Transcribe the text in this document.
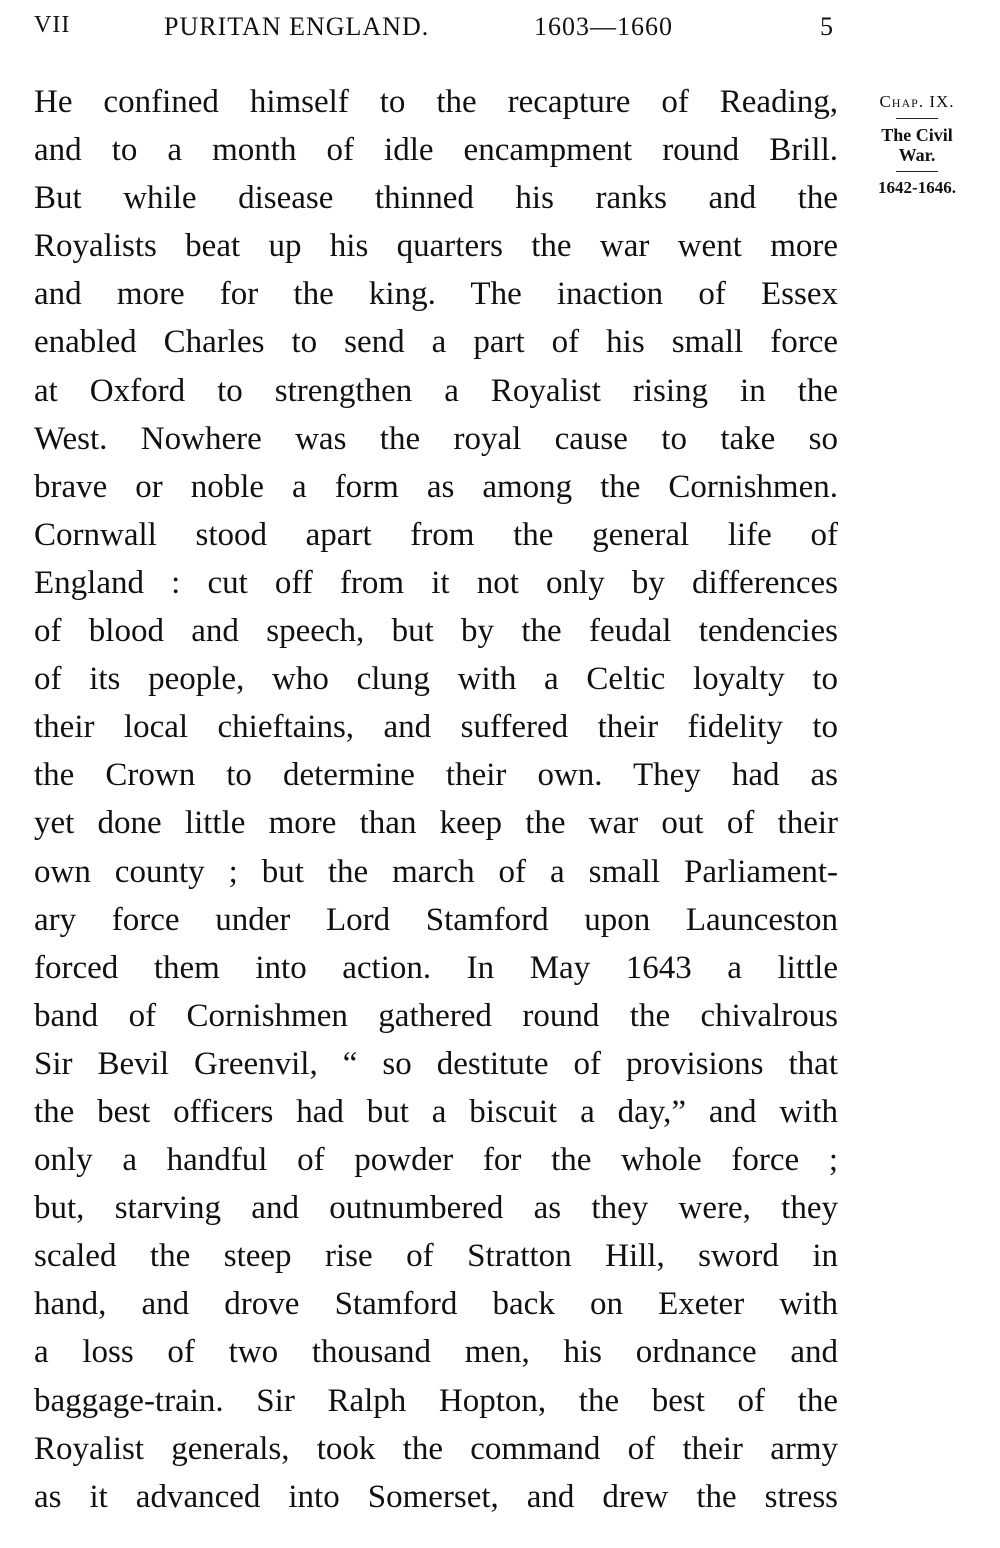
VII	PURITAN ENGLAND.	1603—1660	5
He confined himself to the recapture of Reading,
and to a month of idle encampment round Brill.
But while disease thinned his ranks and the
Royalists beat up his quarters the war went more
and more for the king. The inaction of Essex
enabled Charles to send a part of his small force
at Oxford to strengthen a Royalist rising in the
West. Nowhere was the royal cause to take so
brave or noble a form as among the Cornishmen.
Cornwall stood apart from the general life of
England : cut off from it not only by differences
of blood and speech, but by the feudal tendencies
of its people, who clung with a Celtic loyalty to
their local chieftains, and suffered their fidelity to
the Crown to determine their own. They had as
yet done little more than keep the war out of their
own county ; but the march of a small Parliament-
ary force under Lord Stamford upon Launceston
forced them into action. In May 1643 a little
band of Cornishmen gathered round the chivalrous
Sir Bevil Greenvil, “ so destitute of provisions that
the best officers had but a biscuit a day,” and with
only a handful of powder for the whole force ;
but, starving and outnumbered as they were, they
scaled the steep rise of Stratton Hill, sword in
hand, and drove Stamford back on Exeter with
a loss of two thousand men, his ordnance and
baggage-train. Sir Ralph Hopton, the best of the
Royalist generals, took the command of their army
as it advanced into Somerset, and drew the stress
Chap. IX.
The Civil
War.
1642-1646.
